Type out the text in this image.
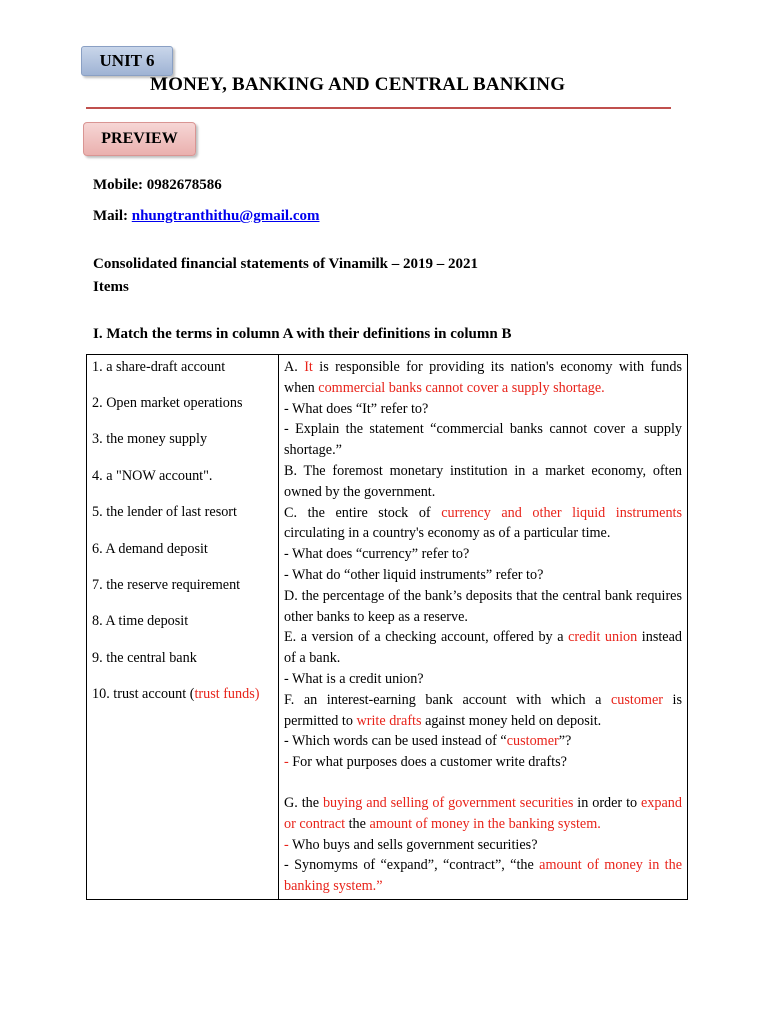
UNIT 6
MONEY, BANKING AND CENTRAL BANKING
PREVIEW
Mobile: 0982678586
Mail: nhungtranthithu@gmail.com
Consolidated financial statements of Vinamilk – 2019 – 2021
Items
I. Match the terms in column A with their definitions in column B
1. a share-draft account
2. Open market operations
3. the money supply
4. a "NOW account".
5. the lender of last resort
6. A demand deposit
7. the reserve requirement
8. A time deposit
9. the central bank
10. trust account (trust funds)

A. It is responsible for providing its nation's economy with funds when commercial banks cannot cover a supply shortage.
- What does “It” refer to?
- Explain the statement “commercial banks cannot cover a supply shortage.”
B. The foremost monetary institution in a market economy, often owned by the government.
C. the entire stock of currency and other liquid instruments circulating in a country's economy as of a particular time.
- What does “currency” refer to?
- What do “other liquid instruments” refer to?
D. the percentage of the bank’s deposits that the central bank requires other banks to keep as a reserve.
E. a version of a checking account, offered by a credit union instead of a bank.
- What is a credit union?
F. an interest-earning bank account with which a customer is permitted to write drafts against money held on deposit.
- Which words can be used instead of “customer”?
- For what purposes does a customer write drafts?
G. the buying and selling of government securities in order to expand or contract the amount of money in the banking system.
- Who buys and sells government securities?
- Synomyms of “expand”, “contract”, “the amount of money in the banking system.”
